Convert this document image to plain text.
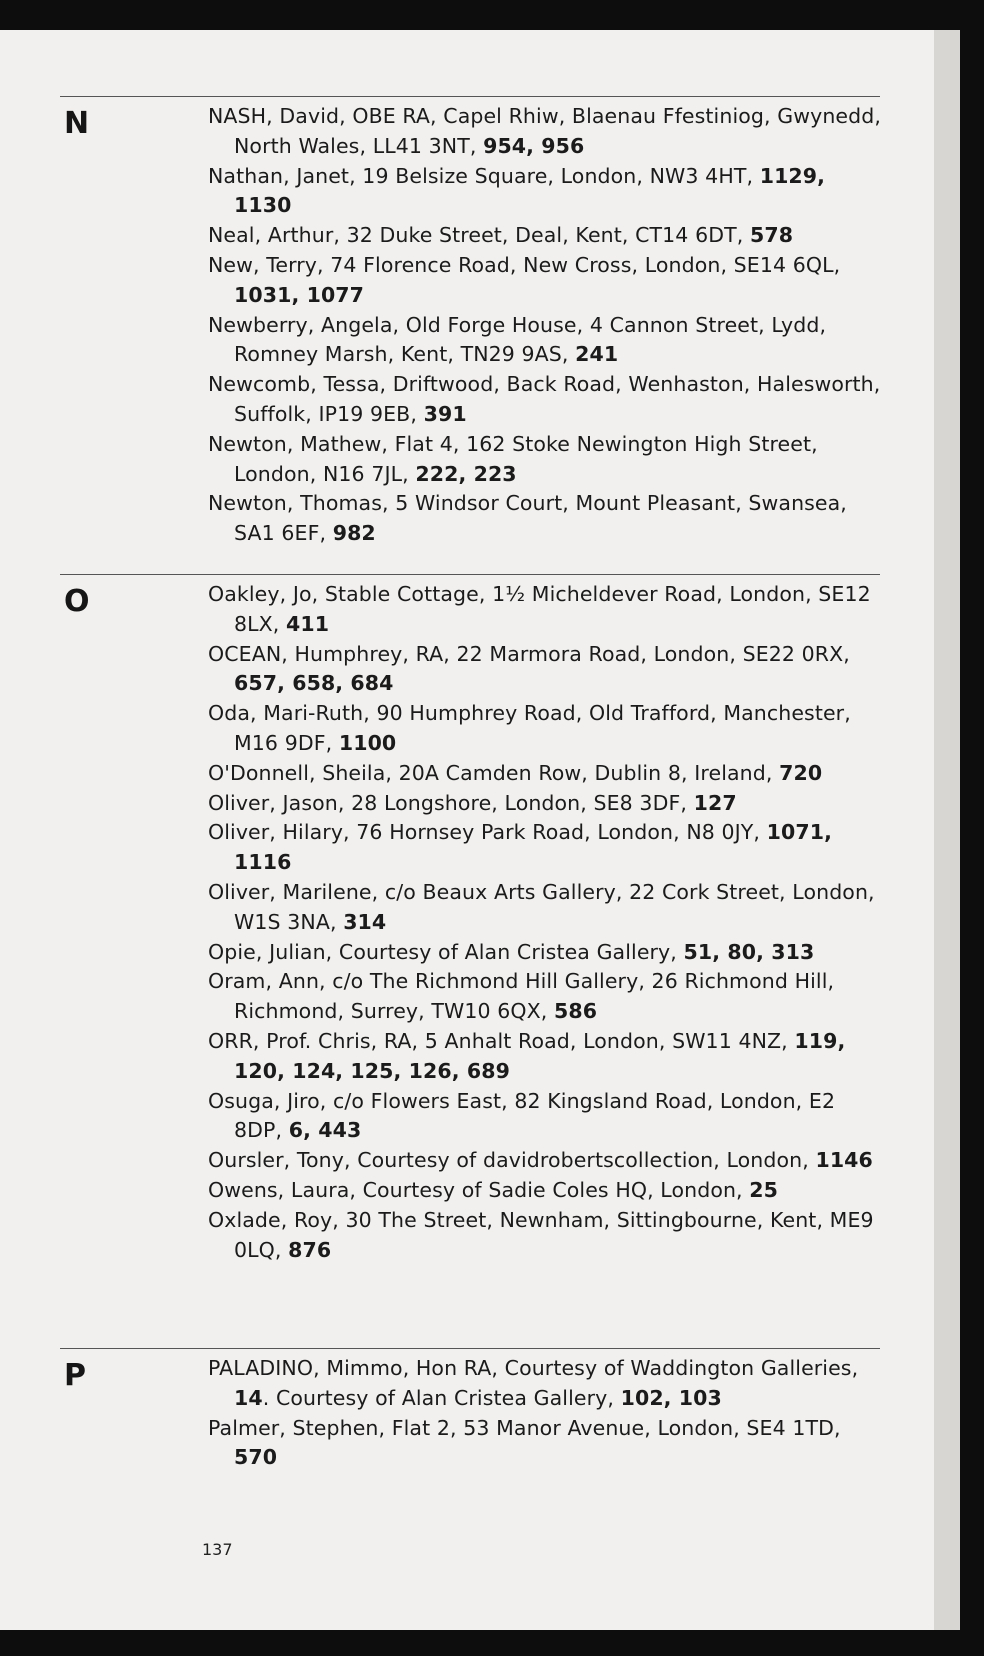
N	NASH, David, OBE RA, Capel Rhiw, Blaenau Ffestiniog, Gwynedd, North Wales, LL41 3NT, 954, 956
Nathan, Janet, 19 Belsize Square, London, NW3 4HT, 1129, 1130
Neal, Arthur, 32 Duke Street, Deal, Kent, CT14 6DT, 578
New, Terry, 74 Florence Road, New Cross, London, SE14 6QL, 1031, 1077
Newberry, Angela, Old Forge House, 4 Cannon Street, Lydd, Romney Marsh, Kent, TN29 9AS, 241
Newcomb, Tessa, Driftwood, Back Road, Wenhaston, Halesworth, Suffolk, IP19 9EB, 391
Newton, Mathew, Flat 4, 162 Stoke Newington High Street, London, N16 7JL, 222, 223
Newton, Thomas, 5 Windsor Court, Mount Pleasant, Swansea, SA1 6EF, 982
O	Oakley, Jo, Stable Cottage, 1½ Micheldever Road, London, SE12 8LX, 411
OCEAN, Humphrey, RA, 22 Marmora Road, London, SE22 0RX, 657, 658, 684
Oda, Mari-Ruth, 90 Humphrey Road, Old Trafford, Manchester, M16 9DF, 1100
O'Donnell, Sheila, 20A Camden Row, Dublin 8, Ireland, 720
Oliver, Jason, 28 Longshore, London, SE8 3DF, 127
Oliver, Hilary, 76 Hornsey Park Road, London, N8 0JY, 1071, 1116
Oliver, Marilene, c/o Beaux Arts Gallery, 22 Cork Street, London, W1S 3NA, 314
Opie, Julian, Courtesy of Alan Cristea Gallery, 51, 80, 313
Oram, Ann, c/o The Richmond Hill Gallery, 26 Richmond Hill, Richmond, Surrey, TW10 6QX, 586
ORR, Prof. Chris, RA, 5 Anhalt Road, London, SW11 4NZ, 119, 120, 124, 125, 126, 689
Osuga, Jiro, c/o Flowers East, 82 Kingsland Road, London, E2 8DP, 6, 443
Oursler, Tony, Courtesy of davidrobertscollection, London, 1146
Owens, Laura, Courtesy of Sadie Coles HQ, London, 25
Oxlade, Roy, 30 The Street, Newnham, Sittingbourne, Kent, ME9 0LQ, 876
P	PALADINO, Mimmo, Hon RA, Courtesy of Waddington Galleries, 14. Courtesy of Alan Cristea Gallery, 102, 103
Palmer, Stephen, Flat 2, 53 Manor Avenue, London, SE4 1TD, 570
137
